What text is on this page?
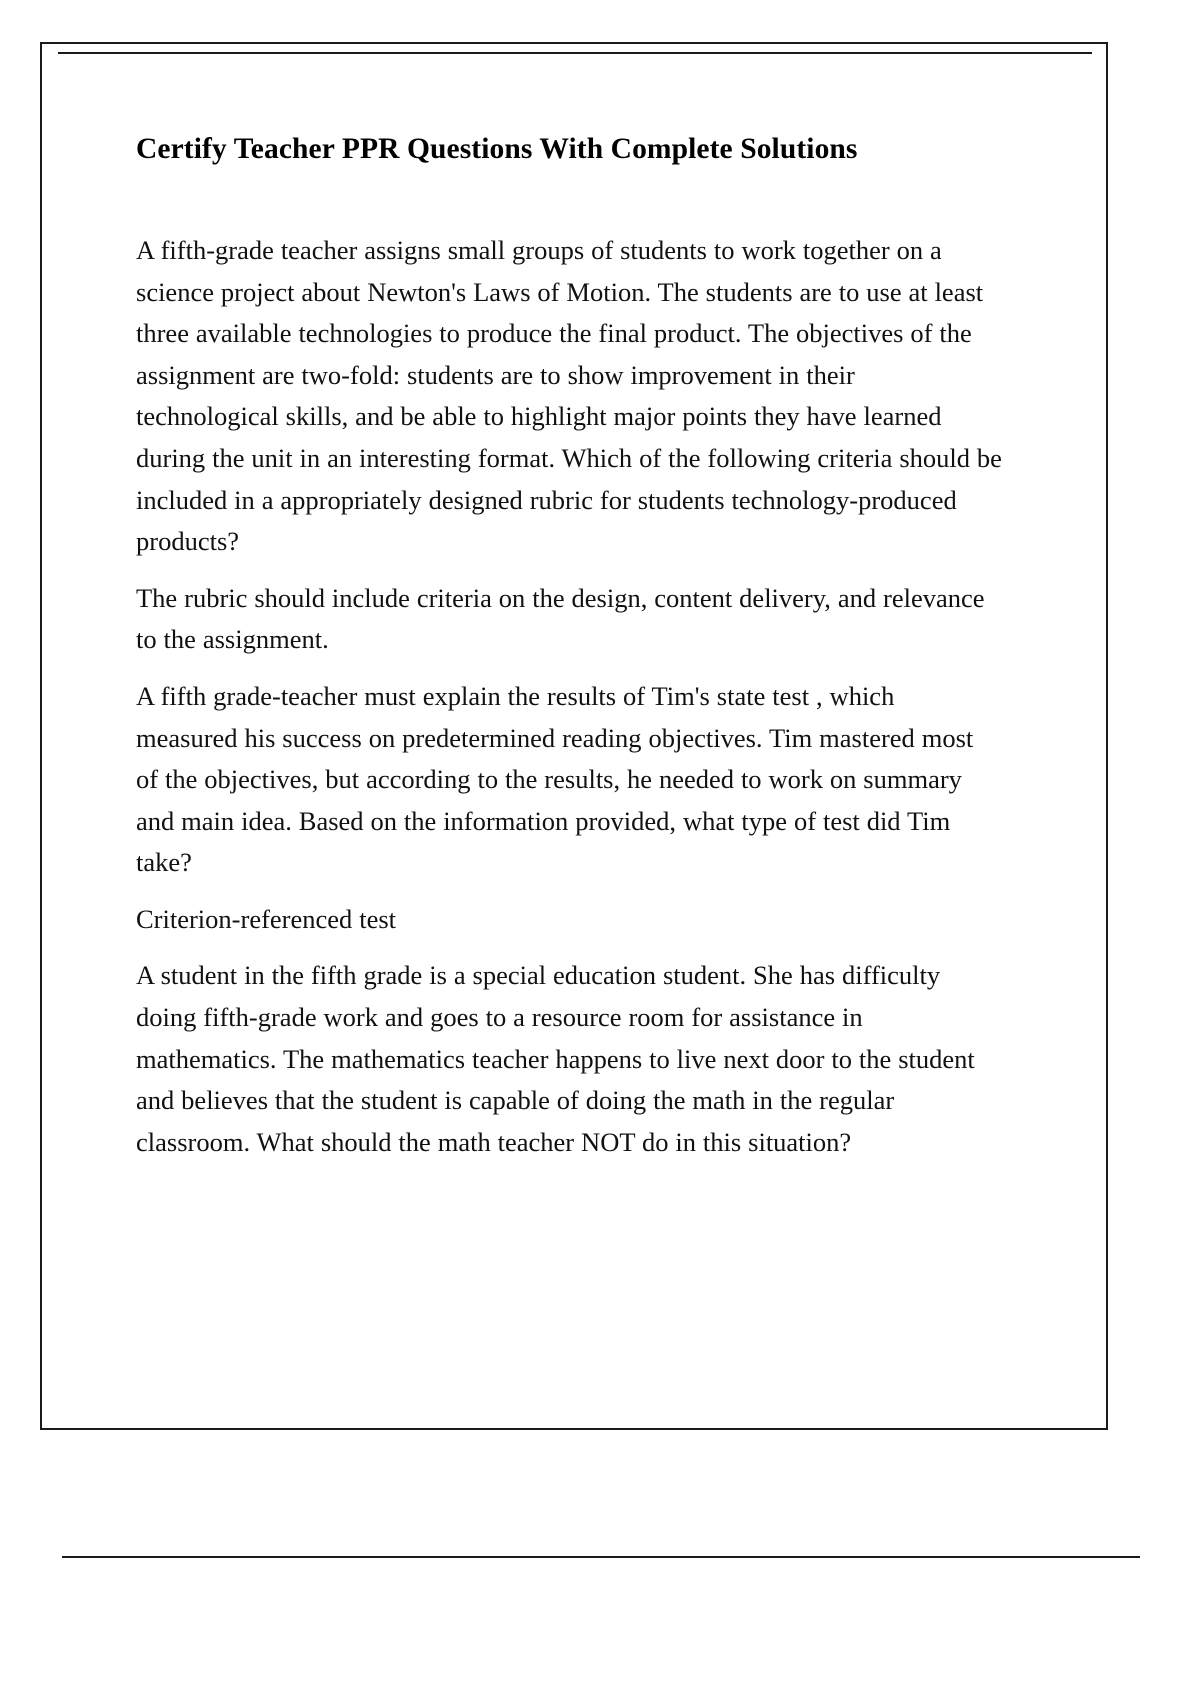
Certify Teacher PPR Questions With Complete Solutions

A fifth-grade teacher assigns small groups of students to work together on a science project about Newton's Laws of Motion. The students are to use at least three available technologies to produce the final product. The objectives of the assignment are two-fold: students are to show improvement in their technological skills, and be able to highlight major points they have learned during the unit in an interesting format. Which of the following criteria should be included in a appropriately designed rubric for students technology-produced products?

The rubric should include criteria on the design, content delivery, and relevance to the assignment.

A fifth grade-teacher must explain the results of Tim's state test , which measured his success on predetermined reading objectives. Tim mastered most of the objectives, but according to the results, he needed to work on summary and main idea. Based on the information provided, what type of test did Tim take?

Criterion-referenced test

A student in the fifth grade is a special education student. She has difficulty doing fifth-grade work and goes to a resource room for assistance in mathematics. The mathematics teacher happens to live next door to the student and believes that the student is capable of doing the math in the regular classroom. What should the math teacher NOT do in this situation?
